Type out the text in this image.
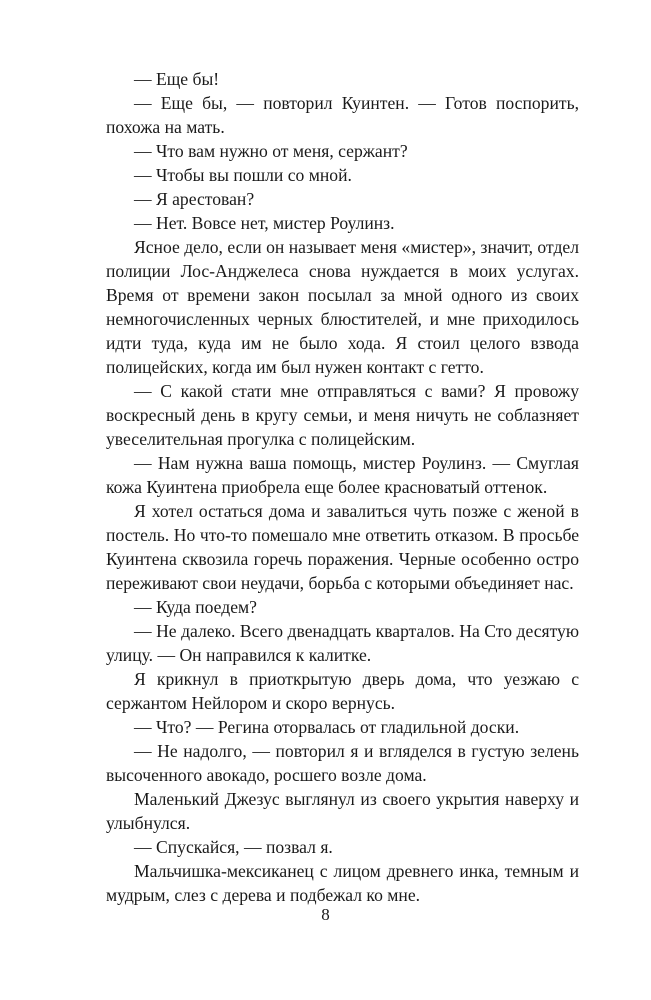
— Еще бы!

— Еще бы, — повторил Куинтен. — Готов поспорить, похожа на мать.

— Что вам нужно от меня, сержант?

— Чтобы вы пошли со мной.

— Я арестован?

— Нет. Вовсе нет, мистер Роулинз.

Ясное дело, если он называет меня «мистер», значит, отдел полиции Лос-Анджелеса снова нуждается в моих услугах. Время от времени закон посылал за мной одного из своих немногочисленных черных блюстителей, и мне приходилось идти туда, куда им не было хода. Я стоил целого взвода полицейских, когда им был нужен контакт с гетто.

— С какой стати мне отправляться с вами? Я провожу воскресный день в кругу семьи, и меня ничуть не соблазняет увеселительная прогулка с полицейским.

— Нам нужна ваша помощь, мистер Роулинз. — Смуглая кожа Куинтена приобрела еще более красноватый оттенок.

Я хотел остаться дома и завалиться чуть позже с женой в постель. Но что-то помешало мне ответить отказом. В просьбе Куинтена сквозила горечь поражения. Черные особенно остро переживают свои неудачи, борьба с которыми объединяет нас.

— Куда поедем?

— Не далеко. Всего двенадцать кварталов. На Сто десятую улицу. — Он направился к калитке.

Я крикнул в приоткрытую дверь дома, что уезжаю с сержантом Нейлором и скоро вернусь.

— Что? — Регина оторвалась от гладильной доски.

— Не надолго, — повторил я и вгляделся в густую зелень высоченного авокадо, росшего возле дома.

Маленький Джезус выглянул из своего укрытия наверху и улыбнулся.

— Спускайся, — позвал я.

Мальчишка-мексиканец с лицом древнего инка, темным и мудрым, слез с дерева и подбежал ко мне.

8
